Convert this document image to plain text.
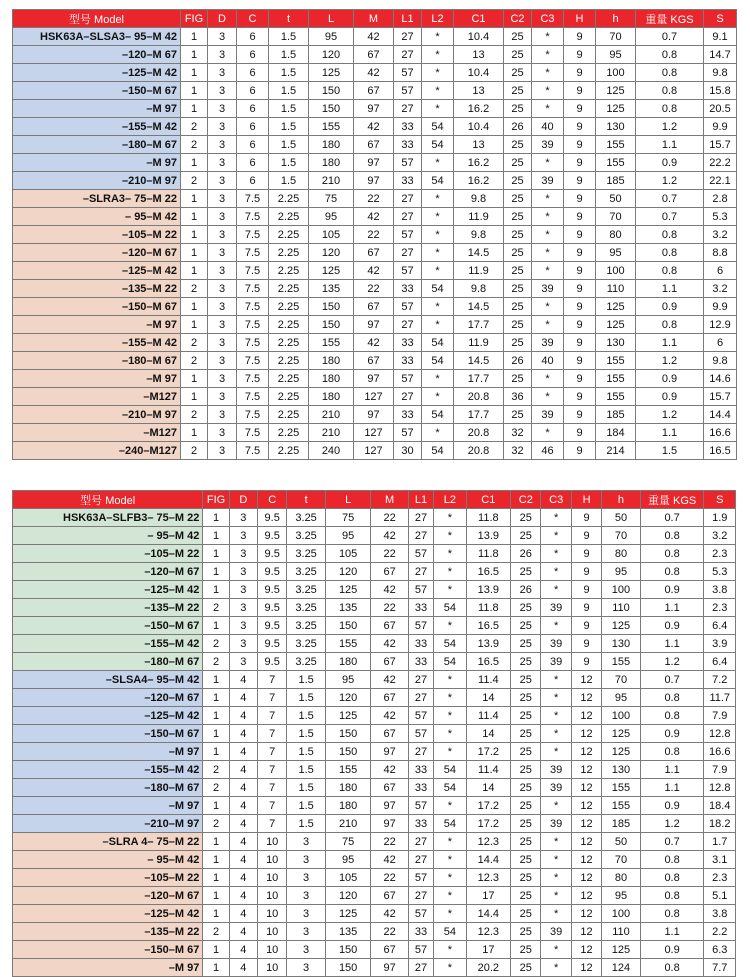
型号 Model	FIG	D	C	t	L	M	L1	L2	C1	C2	C3	H	h	重量 KGS	S
HSK63A–SLSA3– 95–M 42	1	3	6	1.5	95	42	27	*	10.4	25	*	9	70	0.7	9.1
–120–M 67	1	3	6	1.5	120	67	27	*	13	25	*	9	95	0.8	14.7
–125–M 42	1	3	6	1.5	125	42	57	*	10.4	25	*	9	100	0.8	9.8
–150–M 67	1	3	6	1.5	150	67	57	*	13	25	*	9	125	0.8	15.8
–M 97	1	3	6	1.5	150	97	27	*	16.2	25	*	9	125	0.8	20.5
–155–M 42	2	3	6	1.5	155	42	33	54	10.4	26	40	9	130	1.2	9.9
–180–M 67	2	3	6	1.5	180	67	33	54	13	25	39	9	155	1.1	15.7
–M 97	1	3	6	1.5	180	97	57	*	16.2	25	*	9	155	0.9	22.2
–210–M 97	2	3	6	1.5	210	97	33	54	16.2	25	39	9	185	1.2	22.1
–SLRA3– 75–M 22	1	3	7.5	2.25	75	22	27	*	9.8	25	*	9	50	0.7	2.8
– 95–M 42	1	3	7.5	2.25	95	42	27	*	11.9	25	*	9	70	0.7	5.3
–105–M 22	1	3	7.5	2.25	105	22	57	*	9.8	25	*	9	80	0.8	3.2
–120–M 67	1	3	7.5	2.25	120	67	27	*	14.5	25	*	9	95	0.8	8.8
–125–M 42	1	3	7.5	2.25	125	42	57	*	11.9	25	*	9	100	0.8	6
–135–M 22	2	3	7.5	2.25	135	22	33	54	9.8	25	39	9	110	1.1	3.2
–150–M 67	1	3	7.5	2.25	150	67	57	*	14.5	25	*	9	125	0.9	9.9
–M 97	1	3	7.5	2.25	150	97	27	*	17.7	25	*	9	125	0.8	12.9
–155–M 42	2	3	7.5	2.25	155	42	33	54	11.9	25	39	9	130	1.1	6
–180–M 67	2	3	7.5	2.25	180	67	33	54	14.5	26	40	9	155	1.2	9.8
–M 97	1	3	7.5	2.25	180	97	57	*	17.7	25	*	9	155	0.9	14.6
–M127	1	3	7.5	2.25	180	127	27	*	20.8	36	*	9	155	0.9	15.7
–210–M 97	2	3	7.5	2.25	210	97	33	54	17.7	25	39	9	185	1.2	14.4
–M127	1	3	7.5	2.25	210	127	57	*	20.8	32	*	9	184	1.1	16.6
–240–M127	2	3	7.5	2.25	240	127	30	54	20.8	32	46	9	214	1.5	16.5
型号 Model	FIG	D	C	t	L	M	L1	L2	C1	C2	C3	H	h	重量 KGS	S
HSK63A–SLFB3– 75–M 22	1	3	9.5	3.25	75	22	27	*	11.8	25	*	9	50	0.7	1.9
– 95–M 42	1	3	9.5	3.25	95	42	27	*	13.9	25	*	9	70	0.8	3.2
–105–M 22	1	3	9.5	3.25	105	22	57	*	11.8	26	*	9	80	0.8	2.3
–120–M 67	1	3	9.5	3.25	120	67	27	*	16.5	25	*	9	95	0.8	5.3
–125–M 42	1	3	9.5	3.25	125	42	57	*	13.9	26	*	9	100	0.9	3.8
–135–M 22	2	3	9.5	3.25	135	22	33	54	11.8	25	39	9	110	1.1	2.3
–150–M 67	1	3	9.5	3.25	150	67	57	*	16.5	25	*	9	125	0.9	6.4
–155–M 42	2	3	9.5	3.25	155	42	33	54	13.9	25	39	9	130	1.1	3.9
–180–M 67	2	3	9.5	3.25	180	67	33	54	16.5	25	39	9	155	1.2	6.4
–SLSA4– 95–M 42	1	4	7	1.5	95	42	27	*	11.4	25	*	12	70	0.7	7.2
–120–M 67	1	4	7	1.5	120	67	27	*	14	25	*	12	95	0.8	11.7
–125–M 42	1	4	7	1.5	125	42	57	*	11.4	25	*	12	100	0.8	7.9
–150–M 67	1	4	7	1.5	150	67	57	*	14	25	*	12	125	0.9	12.8
–M 97	1	4	7	1.5	150	97	27	*	17.2	25	*	12	125	0.8	16.6
–155–M 42	2	4	7	1.5	155	42	33	54	11.4	25	39	12	130	1.1	7.9
–180–M 67	2	4	7	1.5	180	67	33	54	14	25	39	12	155	1.1	12.8
–M 97	1	4	7	1.5	180	97	57	*	17.2	25	*	12	155	0.9	18.4
–210–M 97	2	4	7	1.5	210	97	33	54	17.2	25	39	12	185	1.2	18.2
–SLRA 4– 75–M 22	1	4	10	3	75	22	27	*	12.3	25	*	12	50	0.7	1.7
– 95–M 42	1	4	10	3	95	42	27	*	14.4	25	*	12	70	0.8	3.1
–105–M 22	1	4	10	3	105	22	57	*	12.3	25	*	12	80	0.8	2.3
–120–M 67	1	4	10	3	120	67	27	*	17	25	*	12	95	0.8	5.1
–125–M 42	1	4	10	3	125	42	57	*	14.4	25	*	12	100	0.8	3.8
–135–M 22	2	4	10	3	135	22	33	54	12.3	25	39	12	110	1.1	2.2
–150–M 67	1	4	10	3	150	67	57	*	17	25	*	12	125	0.9	6.3
–M 97	1	4	10	3	150	97	27	*	20.2	25	*	12	124	0.8	7.7
